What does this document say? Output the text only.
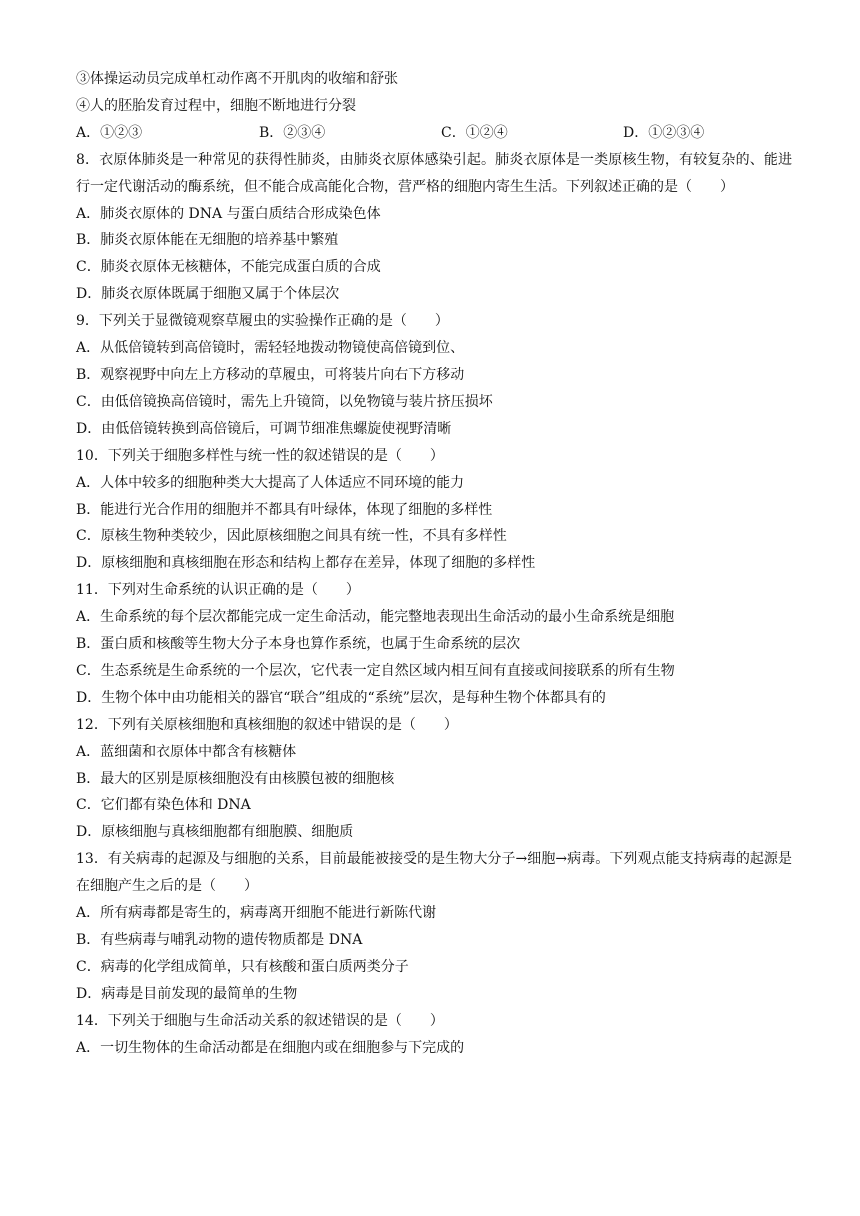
③体操运动员完成单杠动作离不开肌肉的收缩和舒张

④人的胚胎发育过程中，细胞不断地进行分裂

A．①②③	B．②③④	C．①②④	D．①②③④

8．衣原体肺炎是一种常见的获得性肺炎，由肺炎衣原体感染引起。肺炎衣原体是一类原核生物，有较复杂的、能进行一定代谢活动的酶系统，但不能合成高能化合物，营严格的细胞内寄生生活。下列叙述正确的是（　　）

A．肺炎衣原体的 DNA 与蛋白质结合形成染色体

B．肺炎衣原体能在无细胞的培养基中繁殖

C．肺炎衣原体无核糖体，不能完成蛋白质的合成

D．肺炎衣原体既属于细胞又属于个体层次

9．下列关于显微镜观察草履虫的实验操作正确的是（　　）

A．从低倍镜转到高倍镜时，需轻轻地拨动物镜使高倍镜到位、

B．观察视野中向左上方移动的草履虫，可将装片向右下方移动

C．由低倍镜换高倍镜时，需先上升镜筒，以免物镜与装片挤压损坏

D．由低倍镜转换到高倍镜后，可调节细准焦螺旋使视野清晰

10．下列关于细胞多样性与统一性的叙述错误的是（　　）

A．人体中较多的细胞种类大大提高了人体适应不同环境的能力

B．能进行光合作用的细胞并不都具有叶绿体，体现了细胞的多样性

C．原核生物种类较少，因此原核细胞之间具有统一性，不具有多样性

D．原核细胞和真核细胞在形态和结构上都存在差异，体现了细胞的多样性

11．下列对生命系统的认识正确的是（　　）

A．生命系统的每个层次都能完成一定生命活动，能完整地表现出生命活动的最小生命系统是细胞

B．蛋白质和核酸等生物大分子本身也算作系统，也属于生命系统的层次

C．生态系统是生命系统的一个层次，它代表一定自然区域内相互间有直接或间接联系的所有生物

D．生物个体中由功能相关的器官“联合”组成的“系统”层次，是每种生物个体都具有的

12．下列有关原核细胞和真核细胞的叙述中错误的是（　　）

A．蓝细菌和衣原体中都含有核糖体

B．最大的区别是原核细胞没有由核膜包被的细胞核

C．它们都有染色体和 DNA

D．原核细胞与真核细胞都有细胞膜、细胞质

13．有关病毒的起源及与细胞的关系，目前最能被接受的是生物大分子→细胞→病毒。下列观点能支持病毒的起源是在细胞产生之后的是（　　）

A．所有病毒都是寄生的，病毒离开细胞不能进行新陈代谢

B．有些病毒与哺乳动物的遗传物质都是 DNA

C．病毒的化学组成简单，只有核酸和蛋白质两类分子

D．病毒是目前发现的最简单的生物

14．下列关于细胞与生命活动关系的叙述错误的是（　　）

A．一切生物体的生命活动都是在细胞内或在细胞参与下完成的
